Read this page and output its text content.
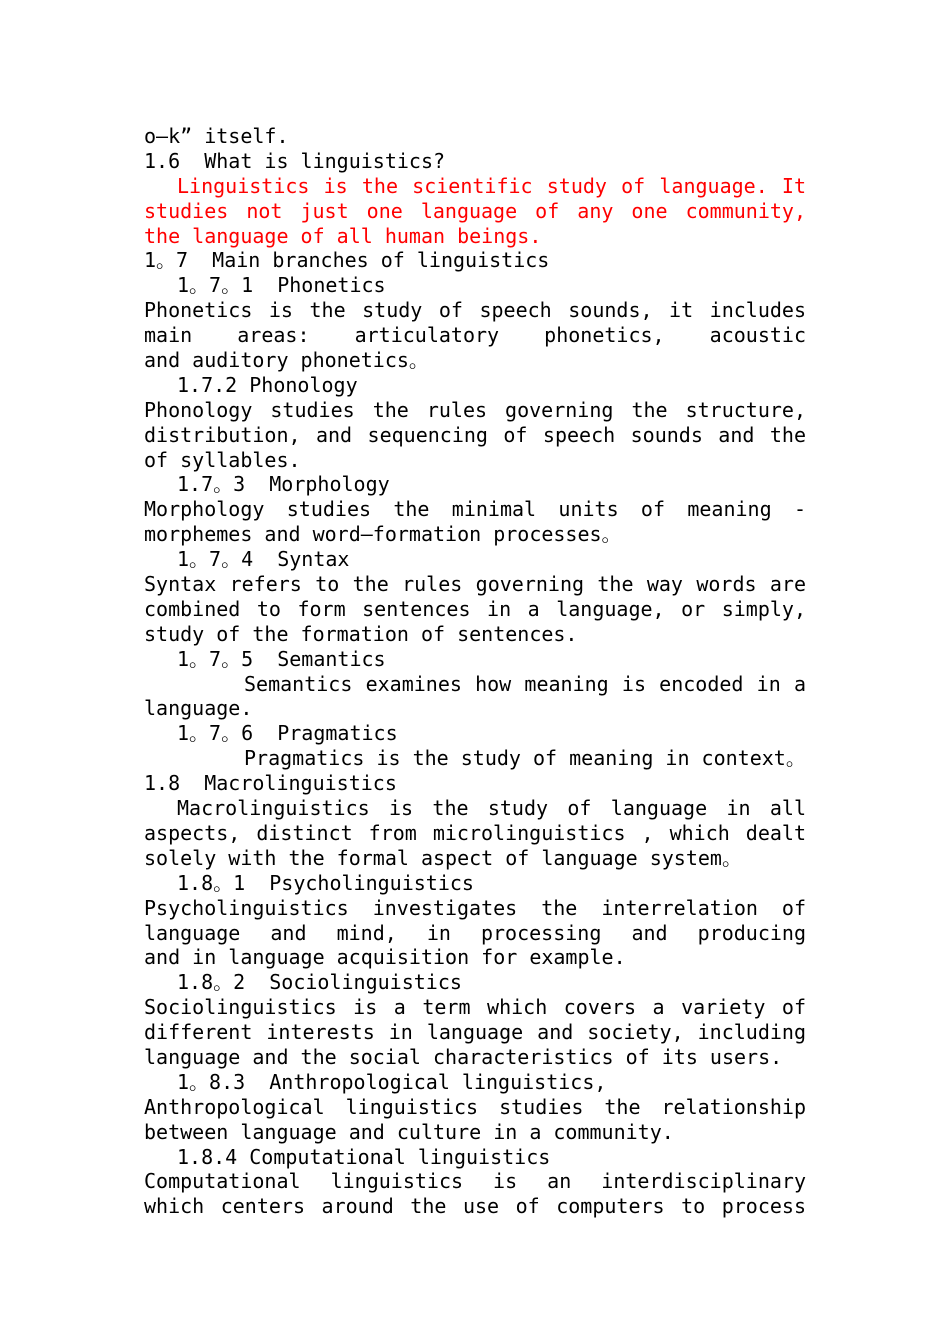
o—k” itself.
1.6  What is linguistics?
Linguistics is the scientific study of language. It
studies not just one language of any one community,
the language of all human beings.
1。7  Main branches of linguistics
1。7。1  Phonetics
Phonetics is the study of speech sounds, it includes
main areas: articulatory phonetics, acoustic
and auditory phonetics。
1.7.2 Phonology
Phonology studies the rules governing the structure,
distribution, and sequencing of speech sounds and the
of syllables.
1.7。3  Morphology
Morphology studies the minimal units of meaning -
morphemes and word—formation processes。
1。7。4  Syntax
Syntax refers to the rules governing the way words are
combined to form sentences in a language, or simply,
study of the formation of sentences.
1。7。5  Semantics
Semantics examines how meaning is encoded in a
language.
1。7。6  Pragmatics
Pragmatics is the study of meaning in context。
1.8  Macrolinguistics
Macrolinguistics is the study of language in all
aspects, distinct from microlinguistics , which dealt
solely with the formal aspect of language system。
1.8。1  Psycholinguistics
Psycholinguistics investigates the interrelation of
language and mind, in processing and producing
and in language acquisition for example.
1.8。2  Sociolinguistics
Sociolinguistics is a term which covers a variety of
different interests in language and society, including
language and the social characteristics of its users.
1。8.3  Anthropological linguistics,
Anthropological linguistics studies the relationship
between language and culture in a community.
1.8.4 Computational linguistics
Computational linguistics is an interdisciplinary
which centers around the use of computers to process
